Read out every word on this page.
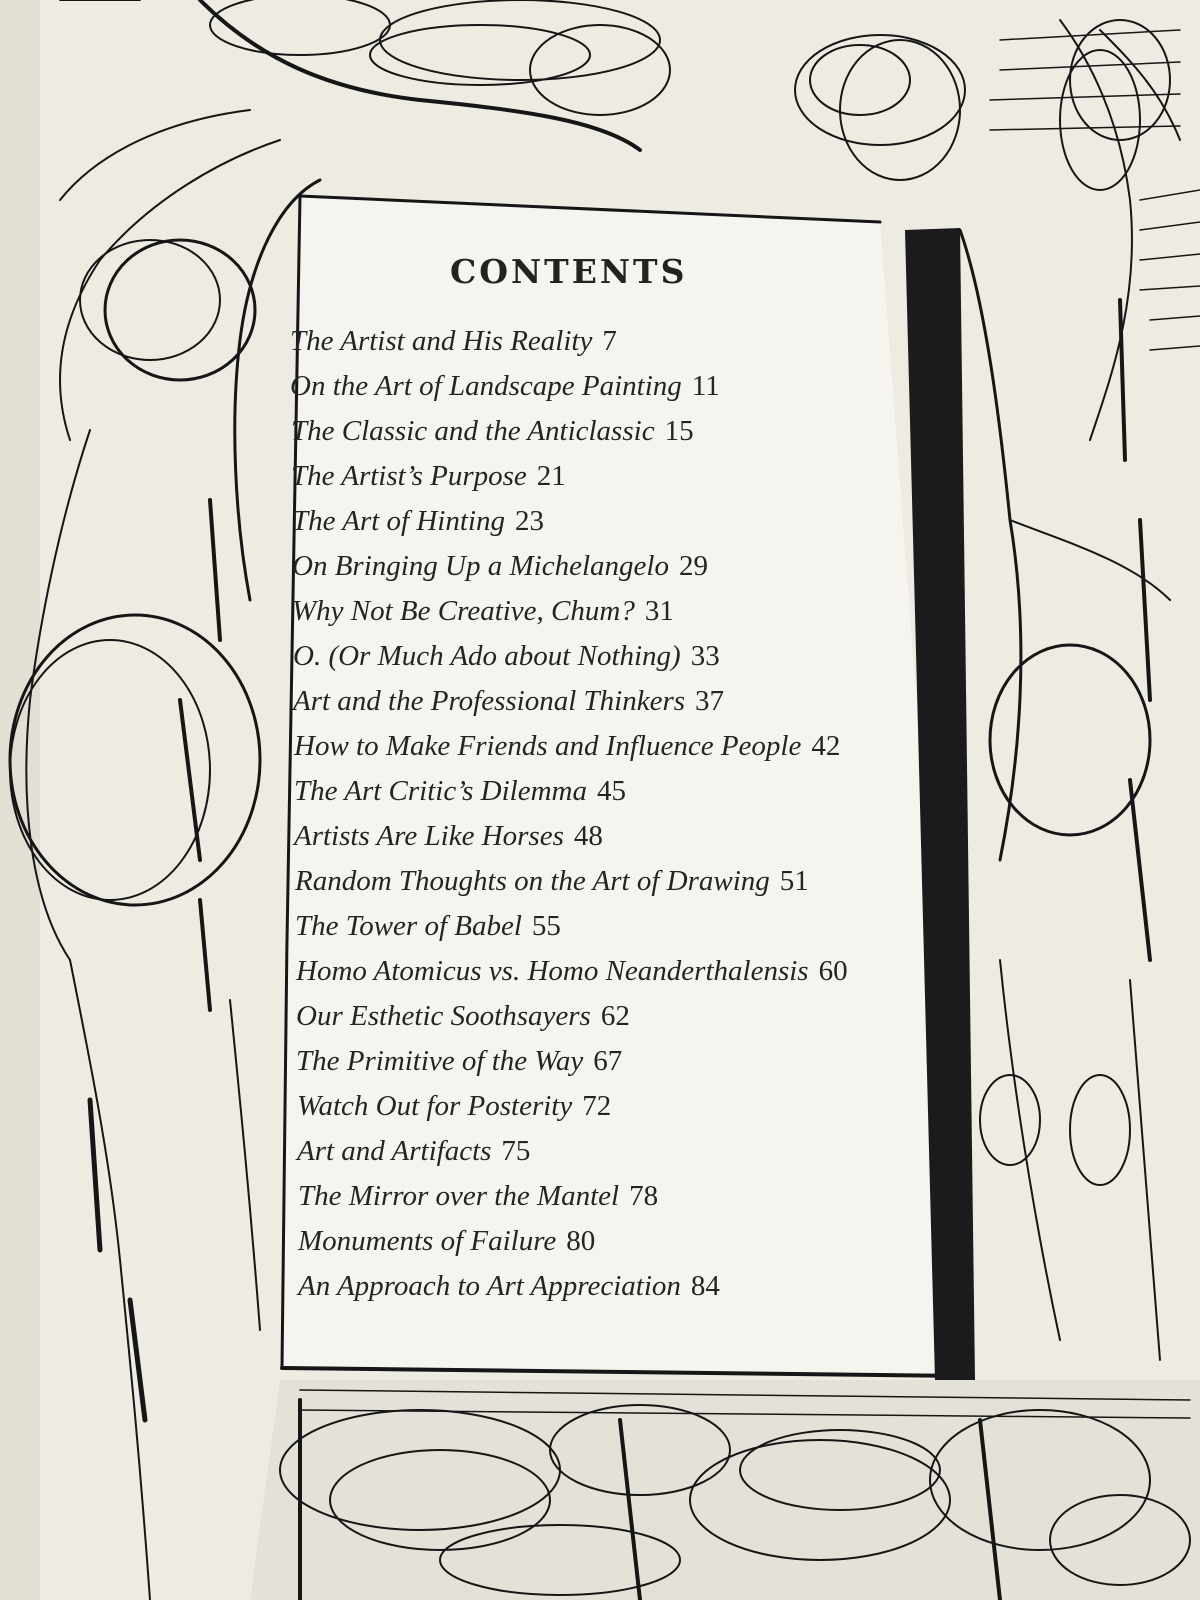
CONTENTS
The Artist and His Reality 7
On the Art of Landscape Painting 11
The Classic and the Anticlassic 15
The Artist’s Purpose 21
The Art of Hinting 23
On Bringing Up a Michelangelo 29
Why Not Be Creative, Chum? 31
O. (Or Much Ado about Nothing) 33
Art and the Professional Thinkers 37
How to Make Friends and Influence People 42
The Art Critic’s Dilemma 45
Artists Are Like Horses 48
Random Thoughts on the Art of Drawing 51
The Tower of Babel 55
Homo Atomicus vs. Homo Neanderthalensis 60
Our Esthetic Soothsayers 62
The Primitive of the Way 67
Watch Out for Posterity 72
Art and Artifacts 75
The Mirror over the Mantel 78
Monuments of Failure 80
An Approach to Art Appreciation 84
